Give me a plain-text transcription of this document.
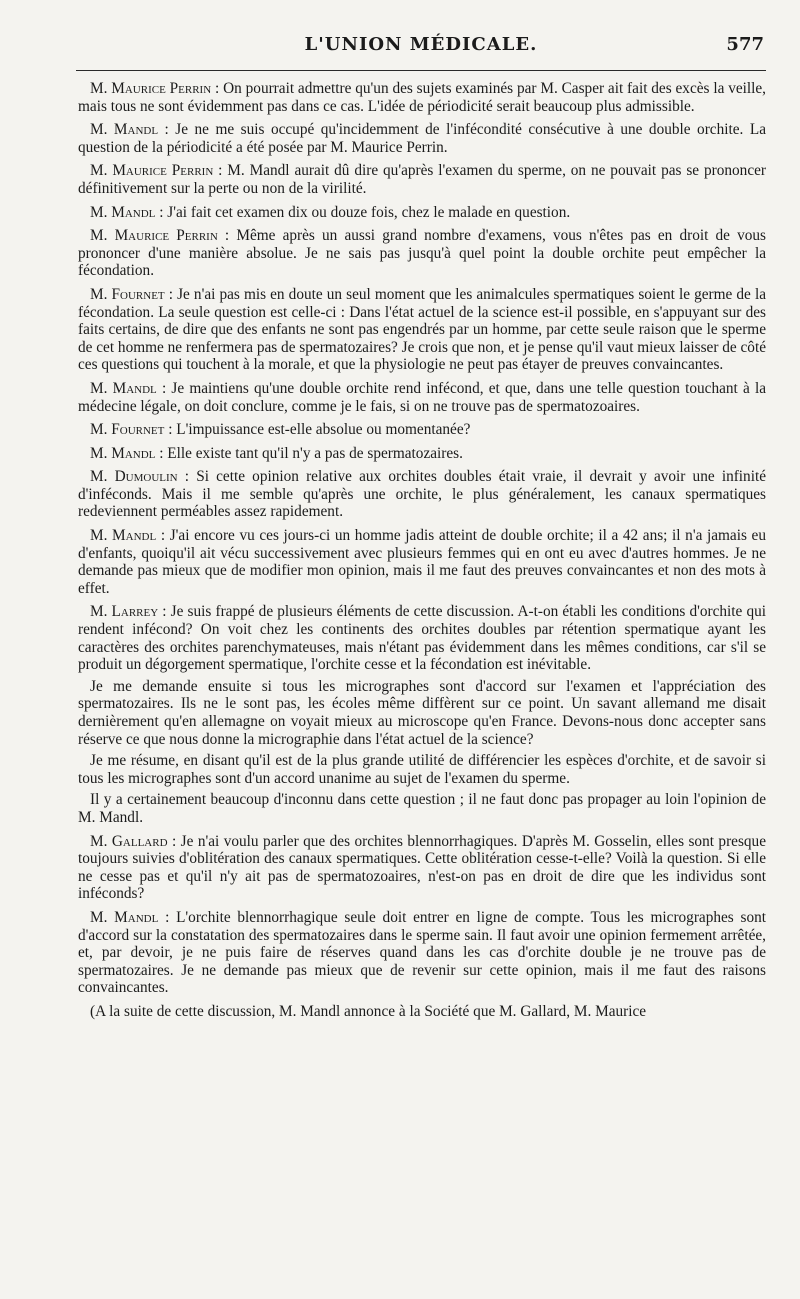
L'UNION MÉDICALE.	577

M. Maurice Perrin : On pourrait admettre qu'un des sujets examinés par M. Casper ait fait des excès la veille, mais tous ne sont évidemment pas dans ce cas. L'idée de périodicité serait beaucoup plus admissible.

M. Mandl : Je ne me suis occupé qu'incidemment de l'infécondité consécutive à une double orchite. La question de la périodicité a été posée par M. Maurice Perrin.

M. Maurice Perrin : M. Mandl aurait dû dire qu'après l'examen du sperme, on ne pouvait pas se prononcer définitivement sur la perte ou non de la virilité.

M. Mandl : J'ai fait cet examen dix ou douze fois, chez le malade en question.

M. Maurice Perrin : Même après un aussi grand nombre d'examens, vous n'êtes pas en droit de vous prononcer d'une manière absolue. Je ne sais pas jusqu'à quel point la double orchite peut empêcher la fécondation.

M. Fournet : Je n'ai pas mis en doute un seul moment que les animalcules spermatiques soient le germe de la fécondation. La seule question est celle-ci : Dans l'état actuel de la science est-il possible, en s'appuyant sur des faits certains, de dire que des enfants ne sont pas engendrés par un homme, par cette seule raison que le sperme de cet homme ne renfermera pas de spermatozaires? Je crois que non, et je pense qu'il vaut mieux laisser de côté ces questions qui touchent à la morale, et que la physiologie ne peut pas étayer de preuves convaincantes.

M. Mandl : Je maintiens qu'une double orchite rend infécond, et que, dans une telle question touchant à la médecine légale, on doit conclure, comme je le fais, si on ne trouve pas de spermatozoaires.

M. Fournet : L'impuissance est-elle absolue ou momentanée?

M. Mandl : Elle existe tant qu'il n'y a pas de spermatozaires.

M. Dumoulin : Si cette opinion relative aux orchites doubles était vraie, il devrait y avoir une infinité d'inféconds. Mais il me semble qu'après une orchite, le plus généralement, les canaux spermatiques redeviennent perméables assez rapidement.

M. Mandl : J'ai encore vu ces jours-ci un homme jadis atteint de double orchite; il a 42 ans; il n'a jamais eu d'enfants, quoiqu'il ait vécu successivement avec plusieurs femmes qui en ont eu avec d'autres hommes. Je ne demande pas mieux que de modifier mon opinion, mais il me faut des preuves convaincantes et non des mots à effet.

M. Larrey : Je suis frappé de plusieurs éléments de cette discussion. A-t-on établi les conditions d'orchite qui rendent infécond? On voit chez les continents des orchites doubles par rétention spermatique ayant les caractères des orchites parenchymateuses, mais n'étant pas évidemment dans les mêmes conditions, car s'il se produit un dégorgement spermatique, l'orchite cesse et la fécondation est inévitable.

Je me demande ensuite si tous les micrographes sont d'accord sur l'examen et l'appréciation des spermatozaires. Ils ne le sont pas, les écoles même diffèrent sur ce point. Un savant allemand me disait dernièrement qu'en allemagne on voyait mieux au microscope qu'en France. Devons-nous donc accepter sans réserve ce que nous donne la micrographie dans l'état actuel de la science?

Je me résume, en disant qu'il est de la plus grande utilité de différencier les espèces d'orchite, et de savoir si tous les micrographes sont d'un accord unanime au sujet de l'examen du sperme.

Il y a certainement beaucoup d'inconnu dans cette question ; il ne faut donc pas propager au loin l'opinion de M. Mandl.

M. Gallard : Je n'ai voulu parler que des orchites blennorrhagiques. D'après M. Gosselin, elles sont presque toujours suivies d'oblitération des canaux spermatiques. Cette oblitération cesse-t-elle? Voilà la question. Si elle ne cesse pas et qu'il n'y ait pas de spermatozoaires, n'est-on pas en droit de dire que les individus sont inféconds?

M. Mandl : L'orchite blennorrhagique seule doit entrer en ligne de compte. Tous les micrographes sont d'accord sur la constatation des spermatozaires dans le sperme sain. Il faut avoir une opinion fermement arrêtée, et, par devoir, je ne puis faire de réserves quand dans les cas d'orchite double je ne trouve pas de spermatozaires. Je ne demande pas mieux que de revenir sur cette opinion, mais il me faut des raisons convaincantes.

(A la suite de cette discussion, M. Mandl annonce à la Société que M. Gallard, M. Maurice
